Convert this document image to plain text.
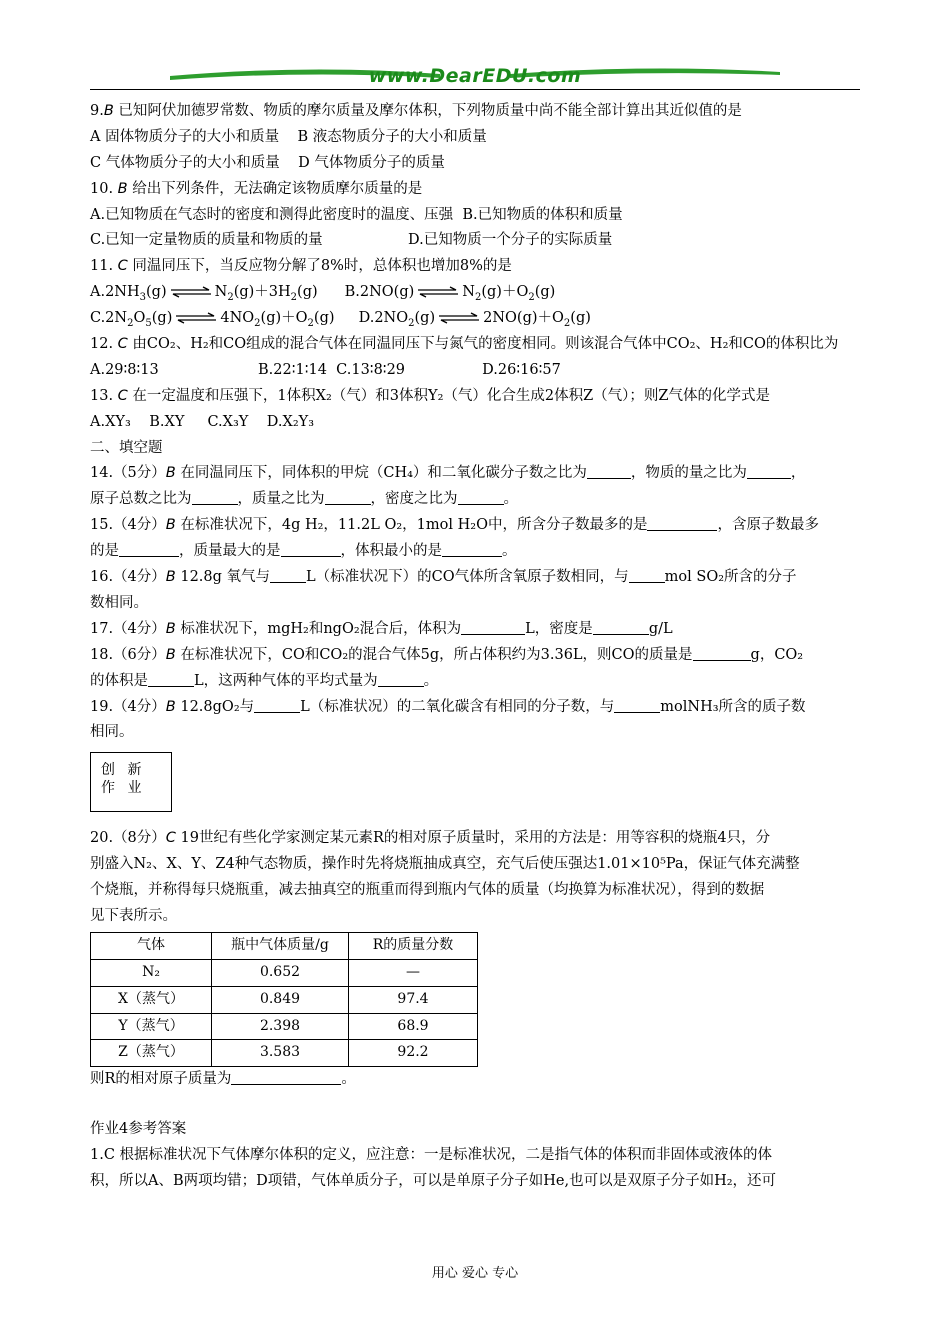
www.DearEDU.com
9.B 已知阿伏加德罗常数、物质的摩尔质量及摩尔体积，下列物质量中尚不能全部计算出其近似值的是
A 固体物质分子的大小和质量 B 液态物质分子的大小和质量
C 气体物质分子的大小和质量 D 气体物质分子的质量
10. B 给出下列条件，无法确定该物质摩尔质量的是
A.已知物质在气态时的密度和测得此密度时的温度、压强 B.已知物质的体积和质量
C.已知一定量物质的质量和物质的量	D.已知物质一个分子的实际质量
11. C 同温同压下，当反应物分解了8%时，总体积也增加8%的是
$A.2NH_3(g)$ ⇌ $N_2(g)+3H_2(g)$ B.2NO(g) ⇌ $N_2(g)+O_2(g)$
$C.2N_2O_5(g)$ ⇌ $4NO_2(g)+O_2(g)$ $D.2NO_2(g)$ ⇌ $2NO(g)+O_2(g)$
12. C 由CO₂、H₂和CO组成的混合气体在同温同压下与氮气的密度相同。则该混合气体中CO₂、H₂和CO的体积比为
A.29∶8∶13	B.22∶1∶14 C.13∶8∶29	D.26∶16∶57
13. C 在一定温度和压强下，1体积X₂（气）和3体积Y₂（气）化合生成2体积Z（气）；则Z气体的化学式是
A.XY₃ B.XY C.X₃Y D.X₂Y₃
二、填空题
14.（5分）B 在同温同压下，同体积的甲烷（CH₄）和二氧化碳分子数之比为	，物质的量之比为	，
原子总数之比为	，质量之比为	，密度之比为	。
15.（4分）B 在标准状况下，4g H₂，11.2L O₂，1mol H₂O中，所含分子数最多的是	，含原子数最多
的是	，质量最大的是	，体积最小的是	。
16.（4分）B 12.8g 氧气与 L（标准状况下）的CO气体所含氧原子数相同，与 mol SO₂所含的分子
数相同。
17.（4分）B 标准状况下，mgH₂和ngO₂混合后，体积为	L，密度是	g/L
18.（6分）B 在标准状况下，CO和CO₂的混合气体5g，所占体积约为3.36L，则CO的质量是	g，CO₂
的体积是	L，这两种气体的平均式量为	。
19.（4分）B 12.8gO₂与	L（标准状况）的二氧化碳含有相同的分子数，与	molNH₃所含的质子数
相同。
创 新
作 业
20.（8分）C 19世纪有些化学家测定某元素R的相对原子质量时，采用的方法是：用等容积的烧瓶4只，分
别盛入N₂、X、Y、Z4种气态物质，操作时先将烧瓶抽成真空，充气后使压强达1.01×10⁵Pa，保证气体充满整
个烧瓶，并称得每只烧瓶重，减去抽真空的瓶重而得到瓶内气体的质量（均换算为标准状况），得到的数据
见下表所示。
气体	瓶中气体质量/g	R的质量分数
N₂	0.652	—
X（蒸气）	0.849	97.4
Y（蒸气）	2.398	68.9
Z（蒸气）	3.583	92.2
则R的相对原子质量为	。
作业4参考答案
1.C 根据标准状况下气体摩尔体积的定义，应注意：一是标准状况，二是指气体的体积而非固体或液体的体
积，所以A、B两项均错；D项错，气体单质分子，可以是单原子分子如He,也可以是双原子分子如H₂，还可
用心 爱心 专心
